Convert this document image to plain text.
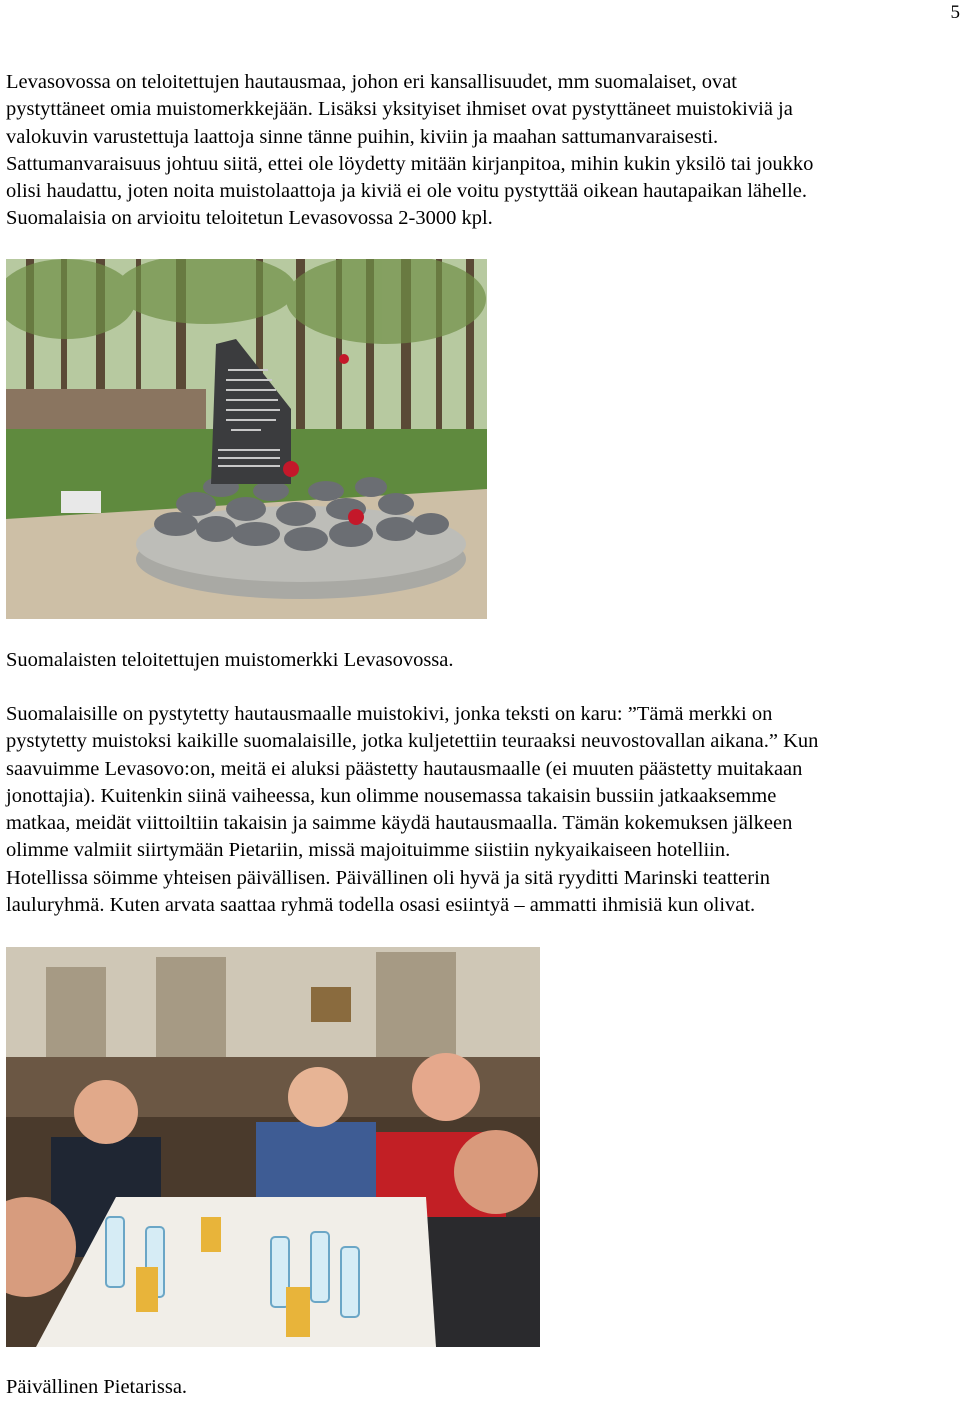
5
Levasovossa on teloitettujen hautausmaa, johon eri kansallisuudet, mm suomalaiset, ovat
pystyttäneet omia muistomerkkejään. Lisäksi yksityiset ihmiset ovat pystyttäneet muistokiviä ja
valokuvin varustettuja laattoja sinne tänne puihin, kiviin ja maahan sattumanvaraisesti.
Sattumanvaraisuus johtuu siitä, ettei ole löydetty mitään kirjanpitoa, mihin kukin yksilö tai joukko
olisi haudattu, joten noita muistolaattoja ja kiviä ei ole voitu pystyttää oikean hautapaikan lähelle.
Suomalaisia on arvioitu teloitetun Levasovossa 2-3000 kpl.
Suomalaisten teloitettujen muistomerkki Levasovossa.
Suomalaisille on pystytetty hautausmaalle muistokivi, jonka teksti on karu: ”Tämä merkki on
pystytetty muistoksi kaikille suomalaisille, jotka kuljetettiin teuraaksi neuvostovallan aikana.” Kun
saavuimme Levasovo:on, meitä ei aluksi päästetty hautausmaalle (ei muuten päästetty muitakaan
jonottajia). Kuitenkin siinä vaiheessa, kun olimme nousemassa takaisin bussiin jatkaaksemme
matkaa, meidät viittoiltiin takaisin ja saimme käydä hautausmaalla. Tämän kokemuksen jälkeen
olimme valmiit siirtymään Pietariin, missä majoituimme siistiin nykyaikaiseen hotelliin.
Hotellissa söimme yhteisen päivällisen. Päivällinen oli hyvä ja sitä ryyditti Marinski teatterin
lauluryhmä. Kuten arvata saattaa ryhmä todella osasi esiintyä – ammatti ihmisiä kun olivat.
Päivällinen Pietarissa.
